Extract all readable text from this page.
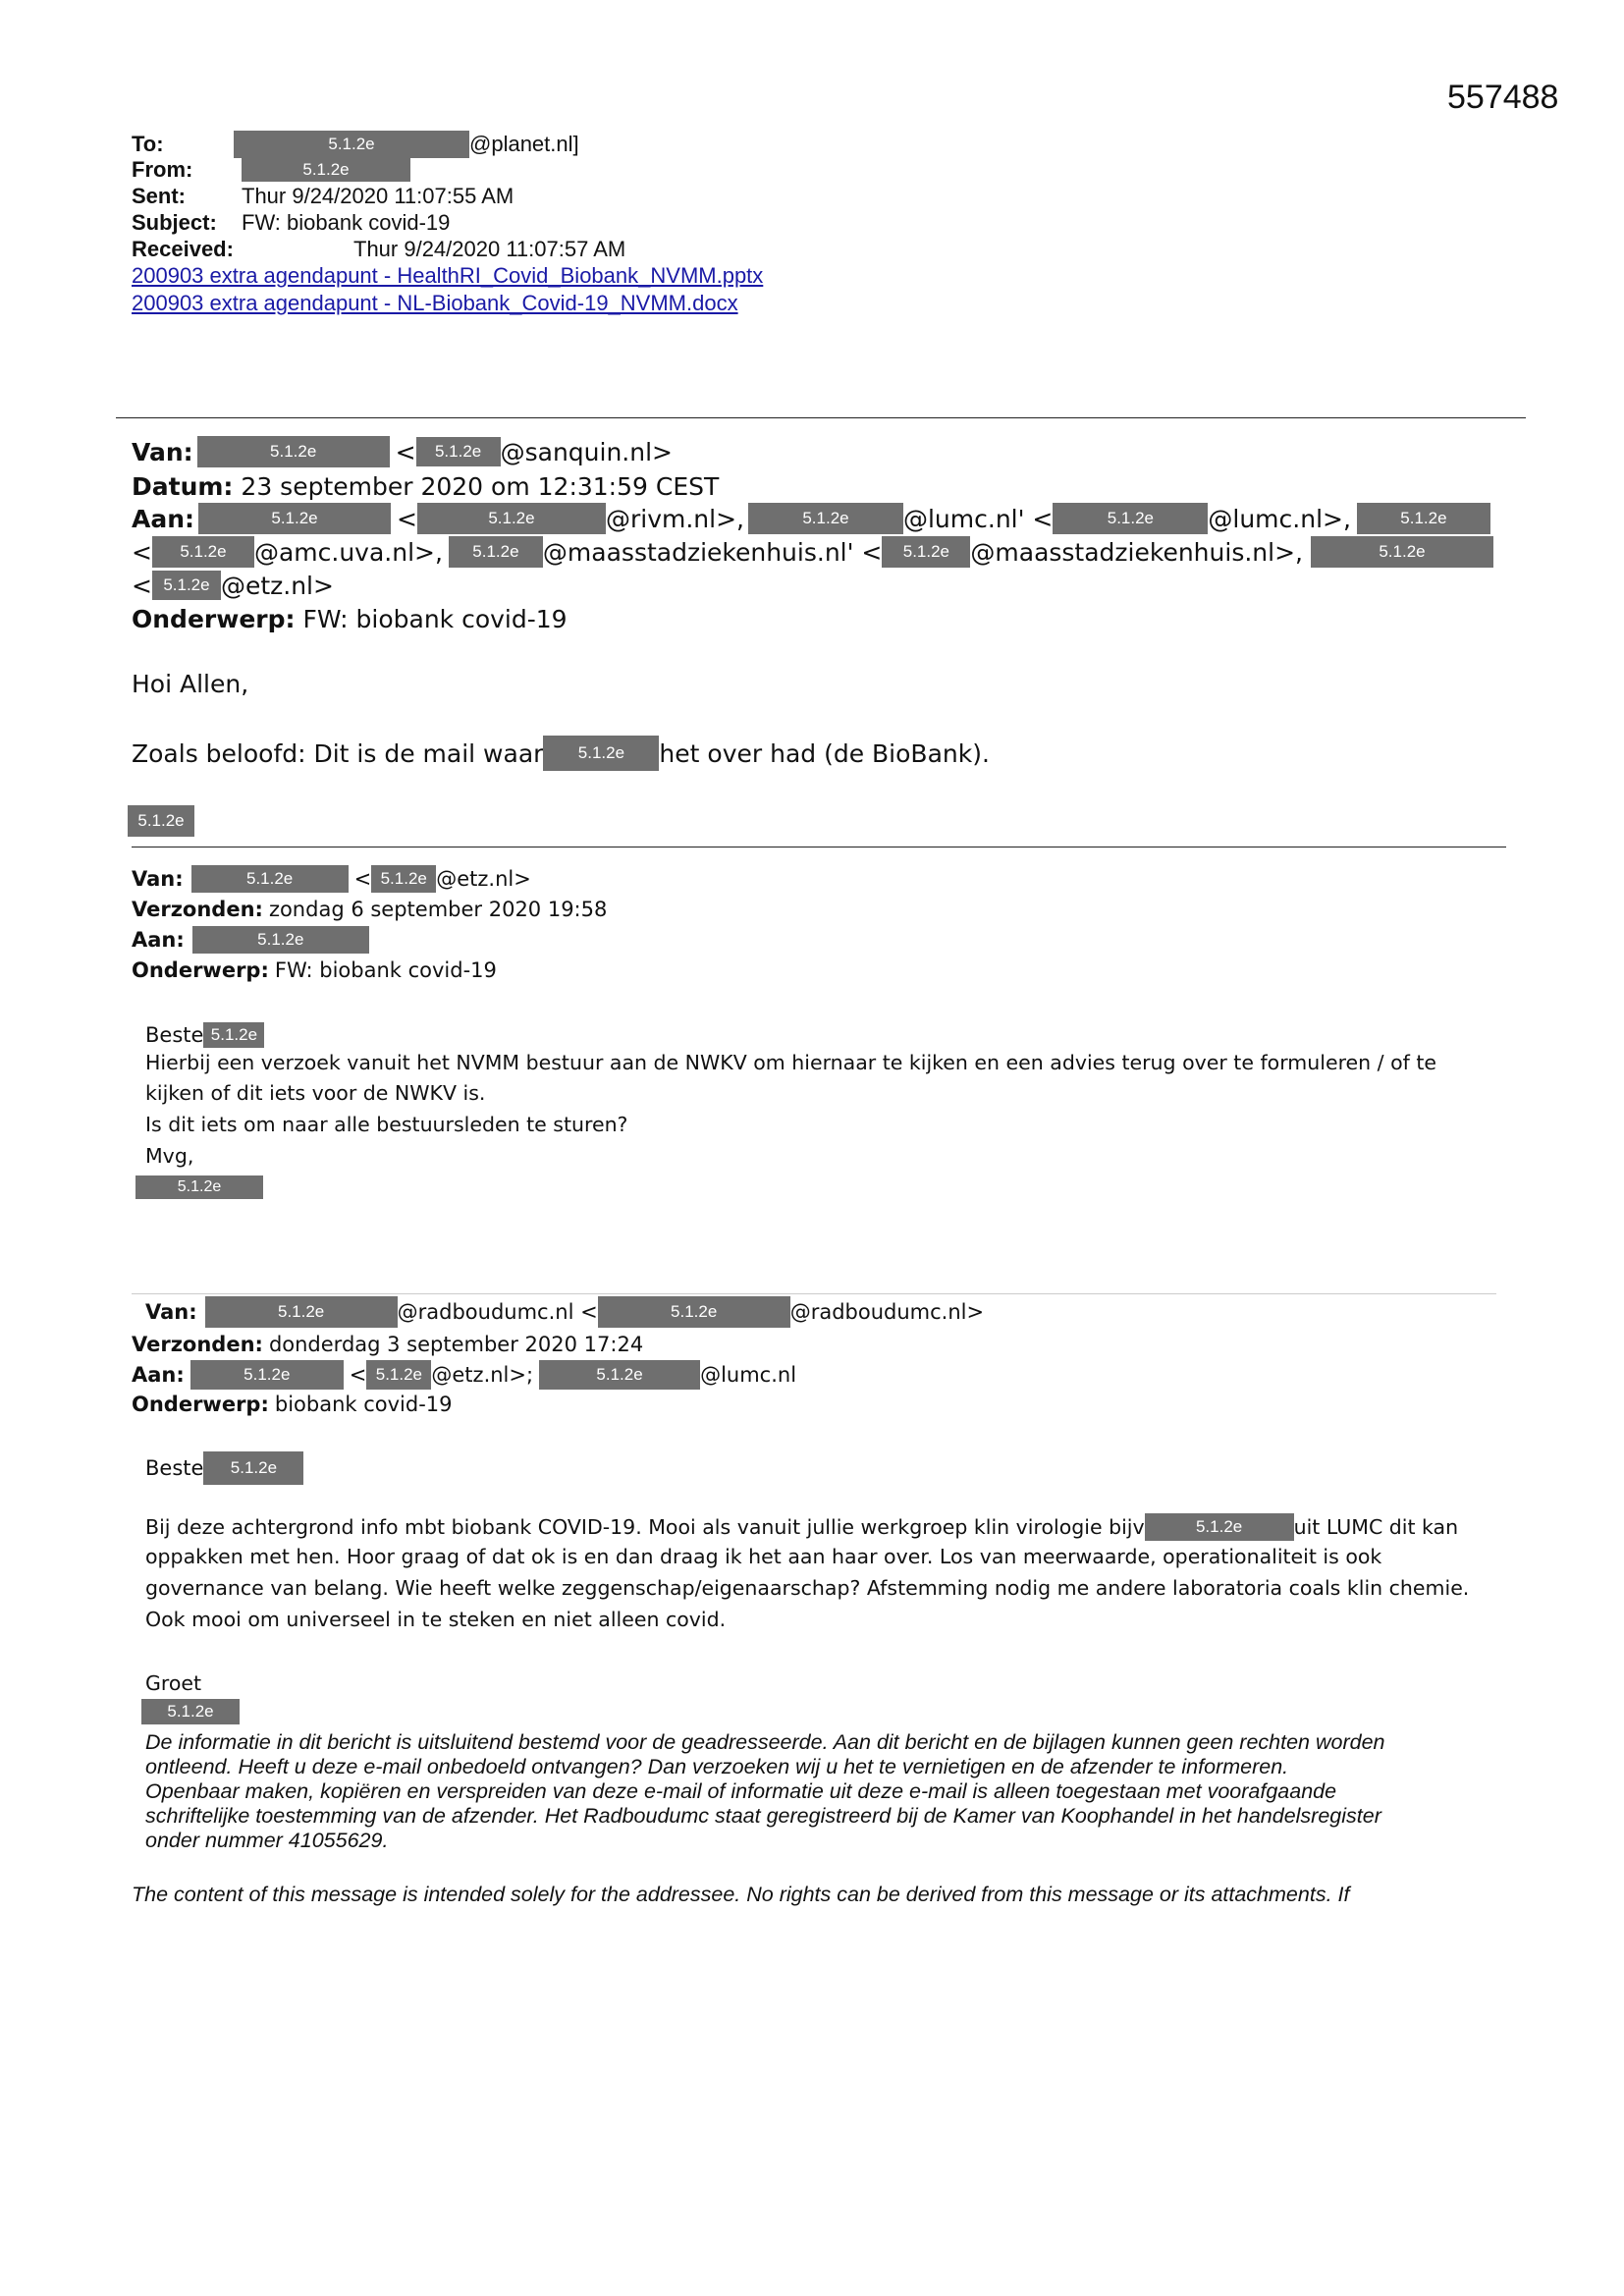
557488
To:	5.1.2e	@planet.nl]
From:	5.1.2e
Sent:	Thur 9/24/2020 11:07:55 AM
Subject:	FW: biobank covid-19
Received:	Thur 9/24/2020 11:07:57 AM
200903 extra agendapunt - HealthRI_Covid_Biobank_NVMM.pptx
200903 extra agendapunt - NL-Biobank_Covid-19_NVMM.docx
Van:	5.1.2e	<	5.1.2e @sanquin.nl>
Datum: 23 september 2020 om 12:31:59 CEST
Aan:	5.1.2e	<	5.1.2e	@rivm.nl>,	5.1.2e	@lumc.nl' <	5.1.2e	@lumc.nl>,	5.1.2e
<	5.1.2e	@amc.uva.nl>,	5.1.2e @maasstadziekenhuis.nl' <	5.1.2e @maasstadziekenhuis.nl>,	5.1.2e
< 5.1.2e @etz.nl>
Onderwerp: FW: biobank covid-19
Hoi Allen,
Zoals beloofd: Dit is de mail waar	5.1.2e	het over had (de BioBank).
5.1.2e
Van:	5.1.2e	< 5.1.2e @etz.nl>
Verzonden: zondag 6 september 2020 19:58
Aan:	5.1.2e
Onderwerp: FW: biobank covid-19
Beste 5.1.2e
Hierbij een verzoek vanuit het NVMM bestuur aan de NWKV om hiernaar te kijken en een advies terug over te formuleren / of te
kijken of dit iets voor de NWKV is.
Is dit iets om naar alle bestuursleden te sturen?
Mvg,
5.1.2e
Van:	5.1.2e	@radboudumc.nl <	5.1.2e	@radboudumc.nl>
Verzonden: donderdag 3 september 2020 17:24
Aan:	5.1.2e	< 5.1.2e @etz.nl>;	5.1.2e	@lumc.nl
Onderwerp: biobank covid-19
Beste	5.1.2e
Bij deze achtergrond info mbt biobank COVID-19. Mooi als vanuit jullie werkgroep klin virologie bijv	5.1.2e	uit LUMC dit kan
oppakken met hen. Hoor graag of dat ok is en dan draag ik het aan haar over. Los van meerwaarde, operationaliteit is ook
governance van belang. Wie heeft welke zeggenschap/eigenaarschap? Afstemming nodig me andere laboratoria coals klin chemie.
Ook mooi om universeel in te steken en niet alleen covid.
Groet
5.1.2e
De informatie in dit bericht is uitsluitend bestemd voor de geadresseerde. Aan dit bericht en de bijlagen kunnen geen rechten worden
ontleend. Heeft u deze e-mail onbedoeld ontvangen? Dan verzoeken wij u het te vernietigen en de afzender te informeren.
Openbaar maken, kopiëren en verspreiden van deze e-mail of informatie uit deze e-mail is alleen toegestaan met voorafgaande
schriftelijke toestemming van de afzender. Het Radboudumc staat geregistreerd bij de Kamer van Koophandel in het handelsregister
onder nummer 41055629.
The content of this message is intended solely for the addressee. No rights can be derived from this message or its attachments. If
